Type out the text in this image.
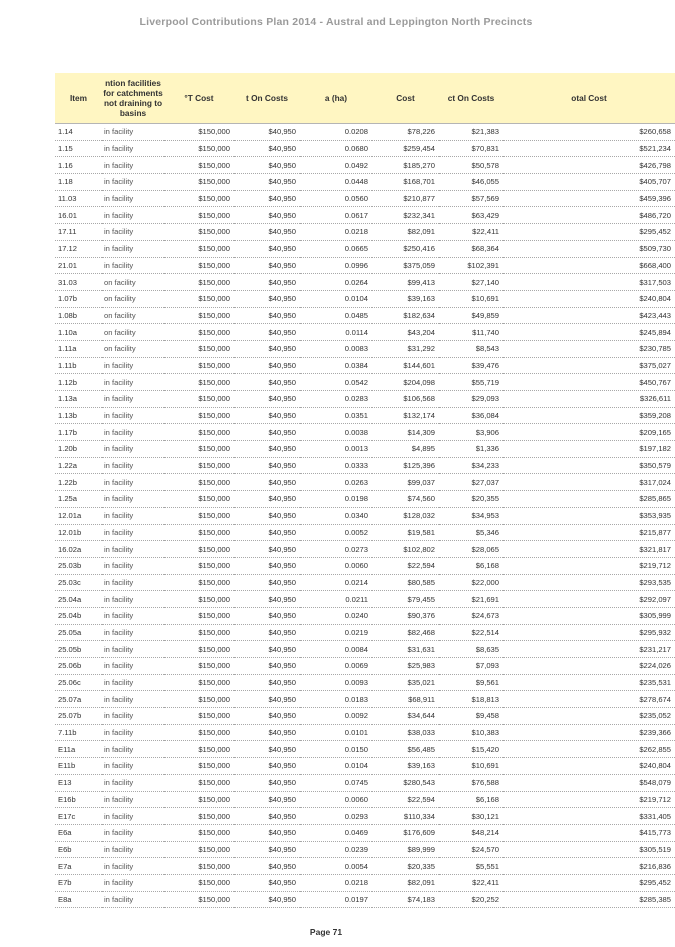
Liverpool Contributions Plan 2014 - Austral and Leppington North Precincts
Item	ntion facilities for catchments not draining to basins	°T Cost	t On Costs	a (ha)	Cost	ct On Costs	otal Cost
1.14	in facility	$150,000	$40,950	0.0208	$78,226	$21,383	$260,658
1.15	in facility	$150,000	$40,950	0.0680	$259,454	$70,831	$521,234
1.16	in facility	$150,000	$40,950	0.0492	$185,270	$50,578	$426,798
1.18	in facility	$150,000	$40,950	0.0448	$168,701	$46,055	$405,707
11.03	in facility	$150,000	$40,950	0.0560	$210,877	$57,569	$459,396
16.01	in facility	$150,000	$40,950	0.0617	$232,341	$63,429	$486,720
17.11	in facility	$150,000	$40,950	0.0218	$82,091	$22,411	$295,452
17.12	in facility	$150,000	$40,950	0.0665	$250,416	$68,364	$509,730
21.01	in facility	$150,000	$40,950	0.0996	$375,059	$102,391	$668,400
31.03	on facility	$150,000	$40,950	0.0264	$99,413	$27,140	$317,503
1.07b	on facility	$150,000	$40,950	0.0104	$39,163	$10,691	$240,804
1.08b	on facility	$150,000	$40,950	0.0485	$182,634	$49,859	$423,443
1.10a	on facility	$150,000	$40,950	0.0114	$43,204	$11,740	$245,894
1.11a	on facility	$150,000	$40,950	0.0083	$31,292	$8,543	$230,785
1.11b	in facility	$150,000	$40,950	0.0384	$144,601	$39,476	$375,027
1.12b	in facility	$150,000	$40,950	0.0542	$204,098	$55,719	$450,767
1.13a	in facility	$150,000	$40,950	0.0283	$106,568	$29,093	$326,611
1.13b	in facility	$150,000	$40,950	0.0351	$132,174	$36,084	$359,208
1.17b	in facility	$150,000	$40,950	0.0038	$14,309	$3,906	$209,165
1.20b	in facility	$150,000	$40,950	0.0013	$4,895	$1,336	$197,182
1.22a	in facility	$150,000	$40,950	0.0333	$125,396	$34,233	$350,579
1.22b	in facility	$150,000	$40,950	0.0263	$99,037	$27,037	$317,024
1.25a	in facility	$150,000	$40,950	0.0198	$74,560	$20,355	$285,865
12.01a	in facility	$150,000	$40,950	0.0340	$128,032	$34,953	$353,935
12.01b	in facility	$150,000	$40,950	0.0052	$19,581	$5,346	$215,877
16.02a	in facility	$150,000	$40,950	0.0273	$102,802	$28,065	$321,817
25.03b	in facility	$150,000	$40,950	0.0060	$22,594	$6,168	$219,712
25.03c	in facility	$150,000	$40,950	0.0214	$80,585	$22,000	$293,535
25.04a	in facility	$150,000	$40,950	0.0211	$79,455	$21,691	$292,097
25.04b	in facility	$150,000	$40,950	0.0240	$90,376	$24,673	$305,999
25.05a	in facility	$150,000	$40,950	0.0219	$82,468	$22,514	$295,932
25.05b	in facility	$150,000	$40,950	0.0084	$31,631	$8,635	$231,217
25.06b	in facility	$150,000	$40,950	0.0069	$25,983	$7,093	$224,026
25.06c	in facility	$150,000	$40,950	0.0093	$35,021	$9,561	$235,531
25.07a	in facility	$150,000	$40,950	0.0183	$68,911	$18,813	$278,674
25.07b	in facility	$150,000	$40,950	0.0092	$34,644	$9,458	$235,052
7.11b	in facility	$150,000	$40,950	0.0101	$38,033	$10,383	$239,366
E11a	in facility	$150,000	$40,950	0.0150	$56,485	$15,420	$262,855
E11b	in facility	$150,000	$40,950	0.0104	$39,163	$10,691	$240,804
E13	in facility	$150,000	$40,950	0.0745	$280,543	$76,588	$548,079
E16b	in facility	$150,000	$40,950	0.0060	$22,594	$6,168	$219,712
E17c	in facility	$150,000	$40,950	0.0293	$110,334	$30,121	$331,405
E6a	in facility	$150,000	$40,950	0.0469	$176,609	$48,214	$415,773
E6b	in facility	$150,000	$40,950	0.0239	$89,999	$24,570	$305,519
E7a	in facility	$150,000	$40,950	0.0054	$20,335	$5,551	$216,836
E7b	in facility	$150,000	$40,950	0.0218	$82,091	$22,411	$295,452
E8a	in facility	$150,000	$40,950	0.0197	$74,183	$20,252	$285,385
Page 71
